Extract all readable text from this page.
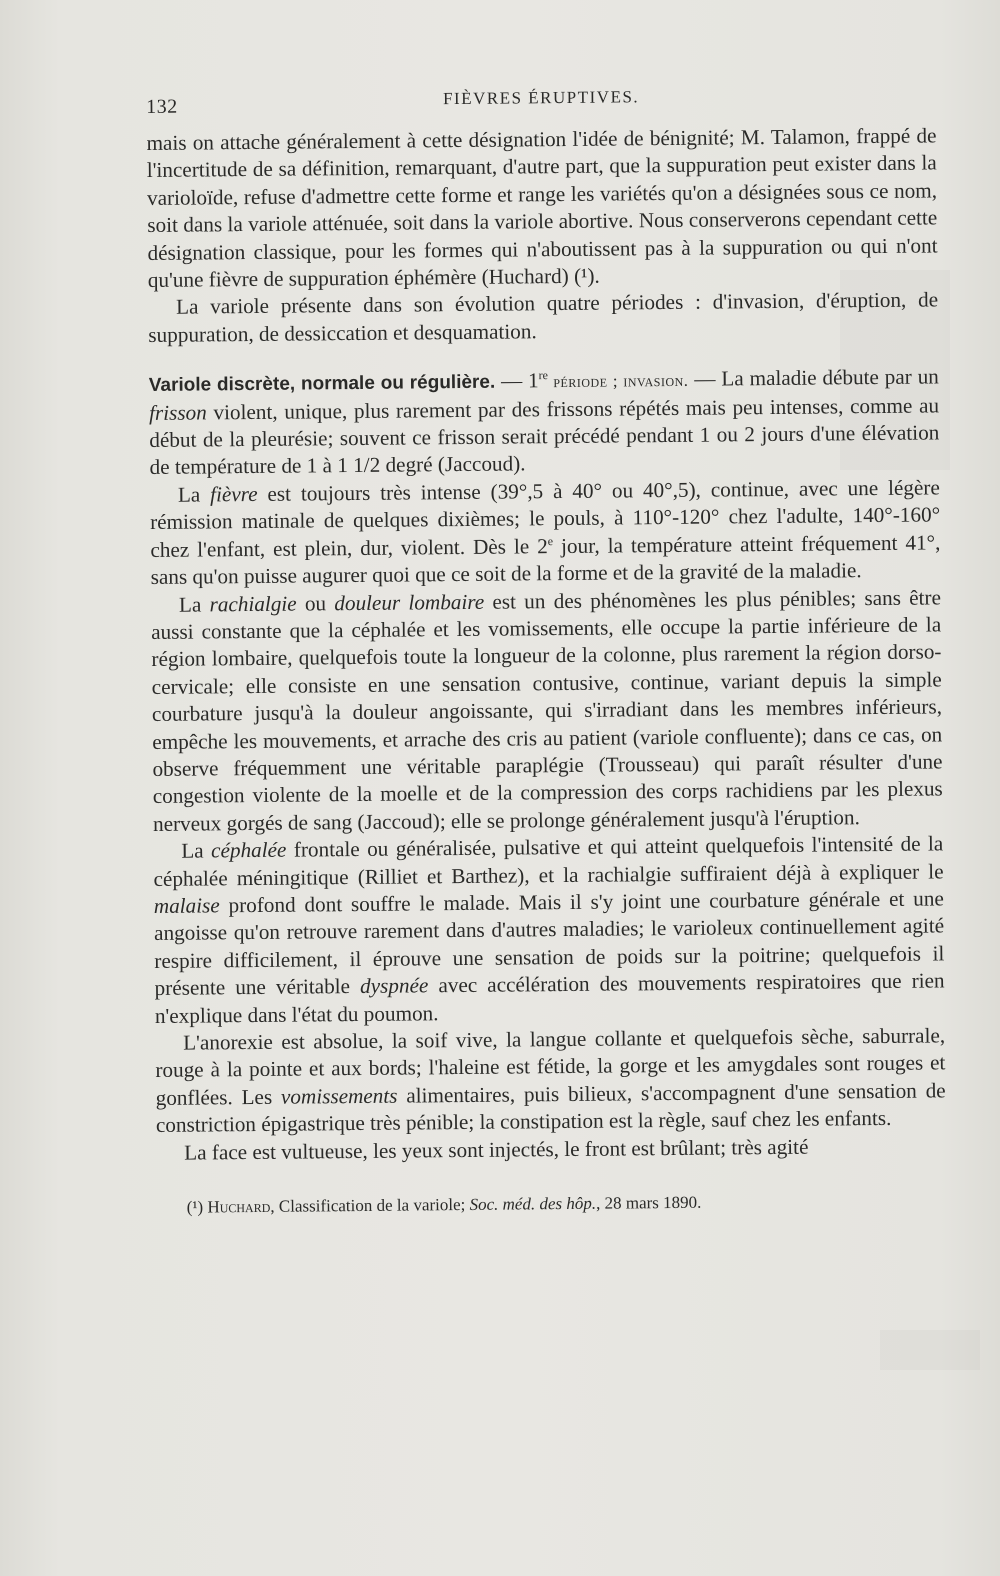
132	FIÈVRES ÉRUPTIVES.

mais on attache généralement à cette désignation l'idée de bénignité; M. Talamon, frappé de l'incertitude de sa définition, remarquant, d'autre part, que la suppuration peut exister dans la varioloïde, refuse d'admettre cette forme et range les variétés qu'on a désignées sous ce nom, soit dans la variole atténuée, soit dans la variole abortive. Nous conserverons cependant cette désignation classique, pour les formes qui n'aboutissent pas à la suppuration ou qui n'ont qu'une fièvre de suppuration éphémère (Huchard) (¹).

La variole présente dans son évolution quatre périodes : d'invasion, d'éruption, de suppuration, de dessiccation et desquamation.

Variole discrète, normale ou régulière. — 1re période ; invasion. — La maladie débute par un frisson violent, unique, plus rarement par des frissons répétés mais peu intenses, comme au début de la pleurésie; souvent ce frisson serait précédé pendant 1 ou 2 jours d'une élévation de température de 1 à 1 1/2 degré (Jaccoud).

La fièvre est toujours très intense (39°,5 à 40° ou 40°,5), continue, avec une légère rémission matinale de quelques dixièmes; le pouls, à 110°-120° chez l'adulte, 140°-160° chez l'enfant, est plein, dur, violent. Dès le 2e jour, la température atteint fréquement 41°, sans qu'on puisse augurer quoi que ce soit de la forme et de la gravité de la maladie.

La rachialgie ou douleur lombaire est un des phénomènes les plus pénibles; sans être aussi constante que la céphalée et les vomissements, elle occupe la partie inférieure de la région lombaire, quelquefois toute la longueur de la colonne, plus rarement la région dorso-cervicale; elle consiste en une sensation contusive, continue, variant depuis la simple courbature jusqu'à la douleur angoissante, qui s'irradiant dans les membres inférieurs, empêche les mouvements, et arrache des cris au patient (variole confluente); dans ce cas, on observe fréquemment une véritable paraplégie (Trousseau) qui paraît résulter d'une congestion violente de la moelle et de la compression des corps rachidiens par les plexus nerveux gorgés de sang (Jaccoud); elle se prolonge généralement jusqu'à l'éruption.

La céphalée frontale ou généralisée, pulsative et qui atteint quelquefois l'intensité de la céphalée méningitique (Rilliet et Barthez), et la rachialgie suffiraient déjà à expliquer le malaise profond dont souffre le malade. Mais il s'y joint une courbature générale et une angoisse qu'on retrouve rarement dans d'autres maladies; le varioleux continuellement agité respire difficilement, il éprouve une sensation de poids sur la poitrine; quelquefois il présente une véritable dyspnée avec accélération des mouvements respiratoires que rien n'explique dans l'état du poumon.

L'anorexie est absolue, la soif vive, la langue collante et quelquefois sèche, saburrale, rouge à la pointe et aux bords; l'haleine est fétide, la gorge et les amygdales sont rouges et gonflées. Les vomissements alimentaires, puis bilieux, s'accompagnent d'une sensation de constriction épigastrique très pénible; la constipation est la règle, sauf chez les enfants.

La face est vultueuse, les yeux sont injectés, le front est brûlant; très agité

(¹) Huchard, Classification de la variole; Soc. méd. des hôp., 28 mars 1890.
